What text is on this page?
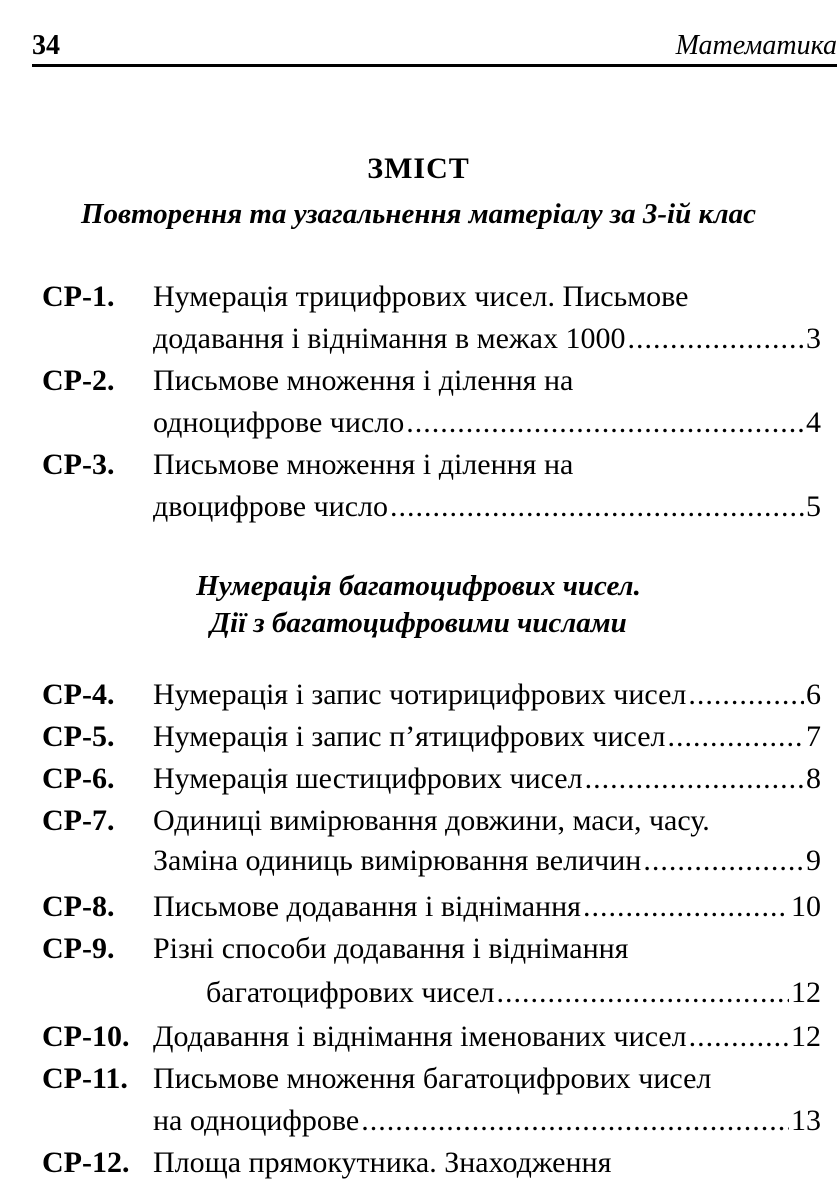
34	Математика
ЗМІСТ
Повторення та узагальнення матеріалу за 3-ій клас
СР-1. Нумерація трицифрових чисел. Письмове
додавання і віднімання в межах 1000 .....	3
СР-2. Письмове множення і ділення на
одноцифрове число .....	4
СР-3. Письмове множення і ділення на
двоцифрове число .....	5
Нумерація багатоцифрових чисел.
Дії з багатоцифровими числами
СР-4. Нумерація і запис чотирицифрових чисел .....	6
СР-5. Нумерація і запис п’ятицифрових чисел .....	7
СР-6. Нумерація шестицифрових чисел .....	8
СР-7. Одиниці вимірювання довжини, маси, часу.
Заміна одиниць вимірювання величин .....	9
СР-8. Письмове додавання і віднімання .....	10
СР-9. Різні способи додавання і віднімання
багатоцифрових чисел .....	12
СР-10. Додавання і віднімання іменованих чисел .....	12
СР-11. Письмове множення багатоцифрових чисел
на одноцифрове .....	13
СР-12. Площа прямокутника. Знаходження
